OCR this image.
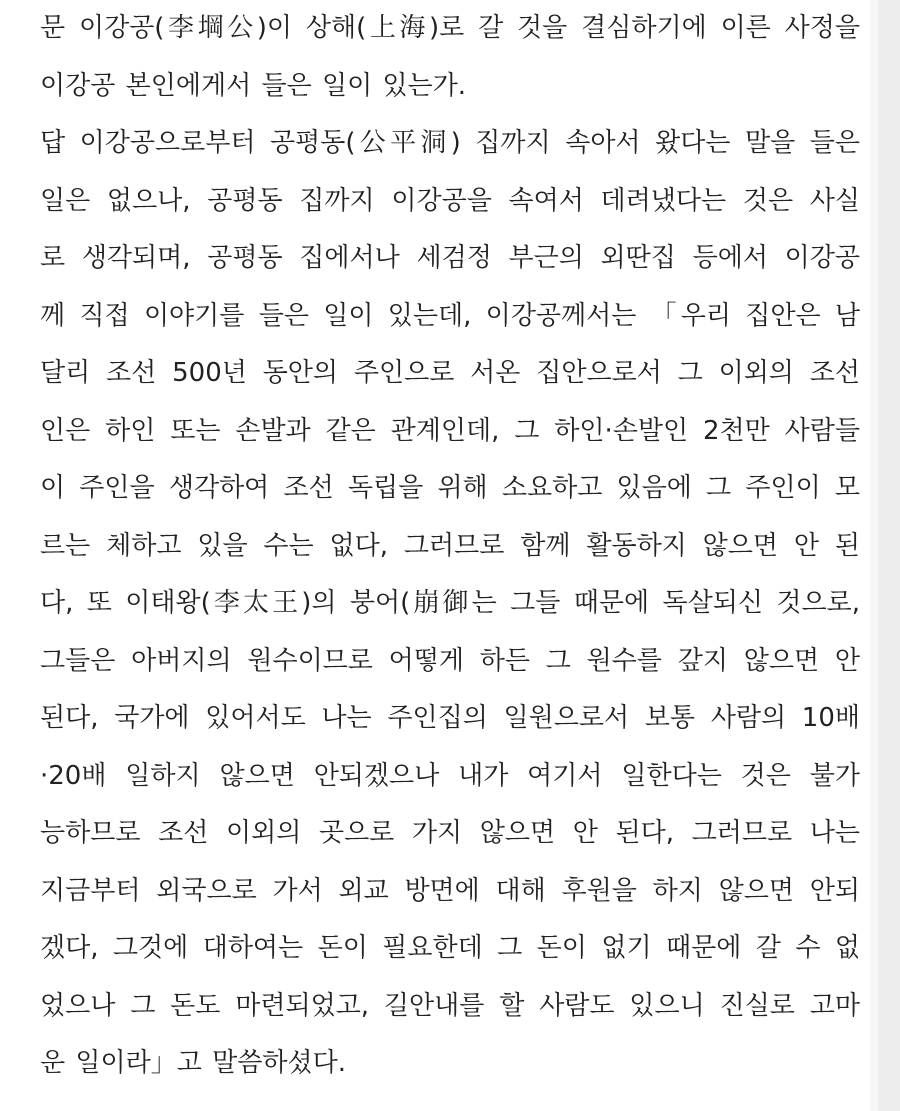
문 이강공(李堈公)이 상해(上海)로 갈 것을 결심하기에 이른 사정을
이강공 본인에게서 들은 일이 있는가.
답 이강공으로부터 공평동(公平洞) 집까지 속아서 왔다는 말을 들은
일은 없으나, 공평동 집까지 이강공을 속여서 데려냈다는 것은 사실
로 생각되며, 공평동 집에서나 세검정 부근의 외딴집 등에서 이강공
께 직접 이야기를 들은 일이 있는데, 이강공께서는 「우리 집안은 남
달리 조선 500년 동안의 주인으로 서온 집안으로서 그 이외의 조선
인은 하인 또는 손발과 같은 관계인데, 그 하인·손발인 2천만 사람들
이 주인을 생각하여 조선 독립을 위해 소요하고 있음에 그 주인이 모
르는 체하고 있을 수는 없다, 그러므로 함께 활동하지 않으면 안 된
다, 또 이태왕(李太王)의 붕어(崩御는 그들 때문에 독살되신 것으로,
그들은 아버지의 원수이므로 어떻게 하든 그 원수를 갚지 않으면 안
된다, 국가에 있어서도 나는 주인집의 일원으로서 보통 사람의 10배
·20배 일하지 않으면 안되겠으나 내가 여기서 일한다는 것은 불가
능하므로 조선 이외의 곳으로 가지 않으면 안 된다, 그러므로 나는
지금부터 외국으로 가서 외교 방면에 대해 후원을 하지 않으면 안되
겠다, 그것에 대하여는 돈이 필요한데 그 돈이 없기 때문에 갈 수 없
었으나 그 돈도 마련되었고, 길안내를 할 사람도 있으니 진실로 고마
운 일이라」고 말씀하셨다.
